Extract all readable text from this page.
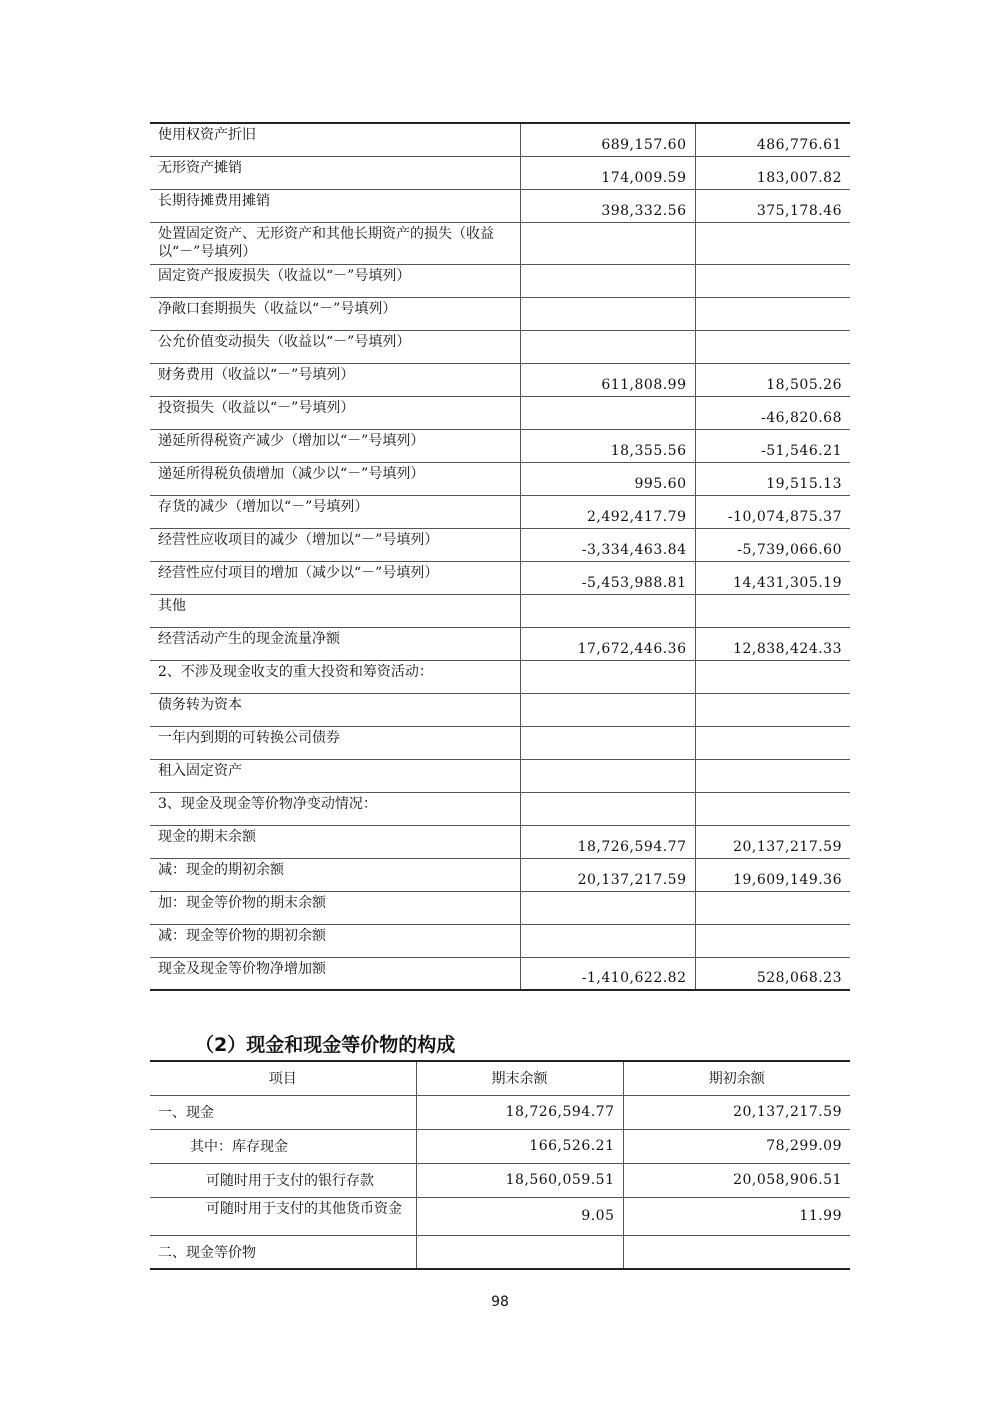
使用权资产折旧	689,157.60	486,776.61
无形资产摊销	174,009.59	183,007.82
长期待摊费用摊销	398,332.56	375,178.46
处置固定资产、无形资产和其他长期资产的损失（收益以“－”号填列）		
固定资产报废损失（收益以“－”号填列）		
净敞口套期损失（收益以“－”号填列）		
公允价值变动损失（收益以“－”号填列）		
财务费用（收益以“－”号填列）	611,808.99	18,505.26
投资损失（收益以“－”号填列）		-46,820.68
递延所得税资产减少（增加以“－”号填列）	18,355.56	-51,546.21
递延所得税负债增加（减少以“－”号填列）	995.60	19,515.13
存货的减少（增加以“－”号填列）	2,492,417.79	-10,074,875.37
经营性应收项目的减少（增加以“－”号填列）	-3,334,463.84	-5,739,066.60
经营性应付项目的增加（减少以“－”号填列）	-5,453,988.81	14,431,305.19
其他		
经营活动产生的现金流量净额	17,672,446.36	12,838,424.33
2、不涉及现金收支的重大投资和筹资活动：		
债务转为资本		
一年内到期的可转换公司债券		
租入固定资产		
3、现金及现金等价物净变动情况：		
现金的期末余额	18,726,594.77	20,137,217.59
减：现金的期初余额	20,137,217.59	19,609,149.36
加：现金等价物的期末余额		
减：现金等价物的期初余额		
现金及现金等价物净增加额	-1,410,622.82	528,068.23
（2）现金和现金等价物的构成
项目	期末余额	期初余额
一、现金	18,726,594.77	20,137,217.59
其中：库存现金	166,526.21	78,299.09
可随时用于支付的银行存款	18,560,059.51	20,058,906.51
可随时用于支付的其他货币资金	9.05	11.99
二、现金等价物		
98
